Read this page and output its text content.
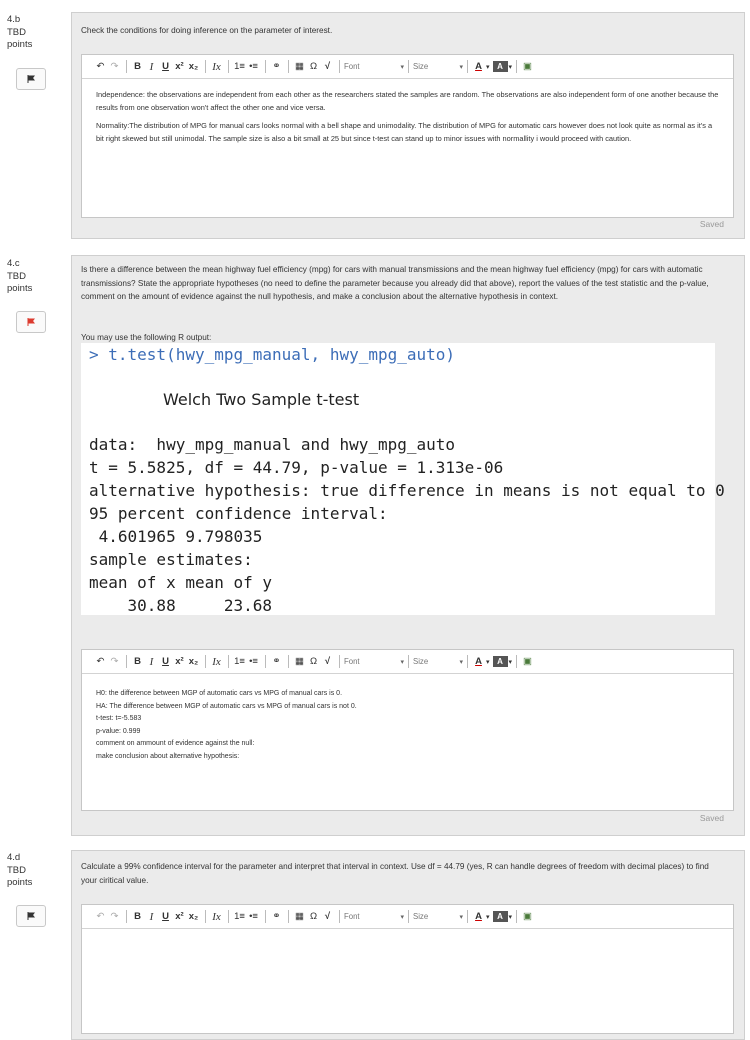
4.b
TBD
points
Check the conditions for doing inference on the parameter of interest.
↶ ↷	B I U x² x₂ Ix 1≡ •≡ ⚭ ▦ Ω √	Font	▾ Size	▾	A ▾ A ▾ ▣

Independence: the observations are independent from each other as the researchers stated the samples are random. The observations are also independent form of one another because the results from one observation won't affect the other one and vice versa.

Normality:The distribution of MPG for manual cars looks normal with a bell shape and unimodality. The distribution of MPG for automatic cars however does not look quite as normal as it's a bit right skewed but still unimodal. The sample size is also a bit small at 25 but since t-test can stand up to minor issues with normallity i would proceed with caution.

Saved
4.c
TBD
points
Is there a difference between the mean highway fuel efficiency (mpg) for cars with manual transmissions and the mean highway fuel efficiency (mpg) for cars with automatic transmissions? State the appropriate hypotheses (no need to define the parameter because you already did that above), report the values of the test statistic and the p-value, comment on the amount of evidence against the null hypothesis, and make a conclusion about the alternative hypothesis in context.
You may use the following R output:
> t.test(hwy_mpg_manual, hwy_mpg_auto)
Welch Two Sample t-test
data:  hwy_mpg_manual and hwy_mpg_auto
t = 5.5825, df = 44.79, p-value = 1.313e-06
alternative hypothesis: true difference in means is not equal to 0
95 percent confidence interval:
4.601965 9.798035
sample estimates:
mean of x mean of y
30.88     23.68
↶ ↷	B I U x² x₂ Ix 1≡ •≡ ⚭ ▦ Ω √	Font	▾ Size	▾	A ▾ A ▾ ▣
H0: the difference between MGP of automatic cars vs MPG of manual cars is 0.
HA: The difference between MGP of automatic cars vs MPG of manual cars is not 0.
t-test: t=-5.583
p-value: 0.999
comment on ammount of evidence against the null:
make conclusion about alternative hypothesis:
Saved
4.d
TBD
points
Calculate a 99% confidence interval for the parameter and interpret that interval in context. Use df = 44.79 (yes, R can handle degrees of freedom with decimal places) to find your ciritical value.
↶ ↷	B I U x² x₂ Ix 1≡ •≡ ⚭ ▦ Ω √	Font	▾ Size	▾	A ▾ A ▾ ▣
